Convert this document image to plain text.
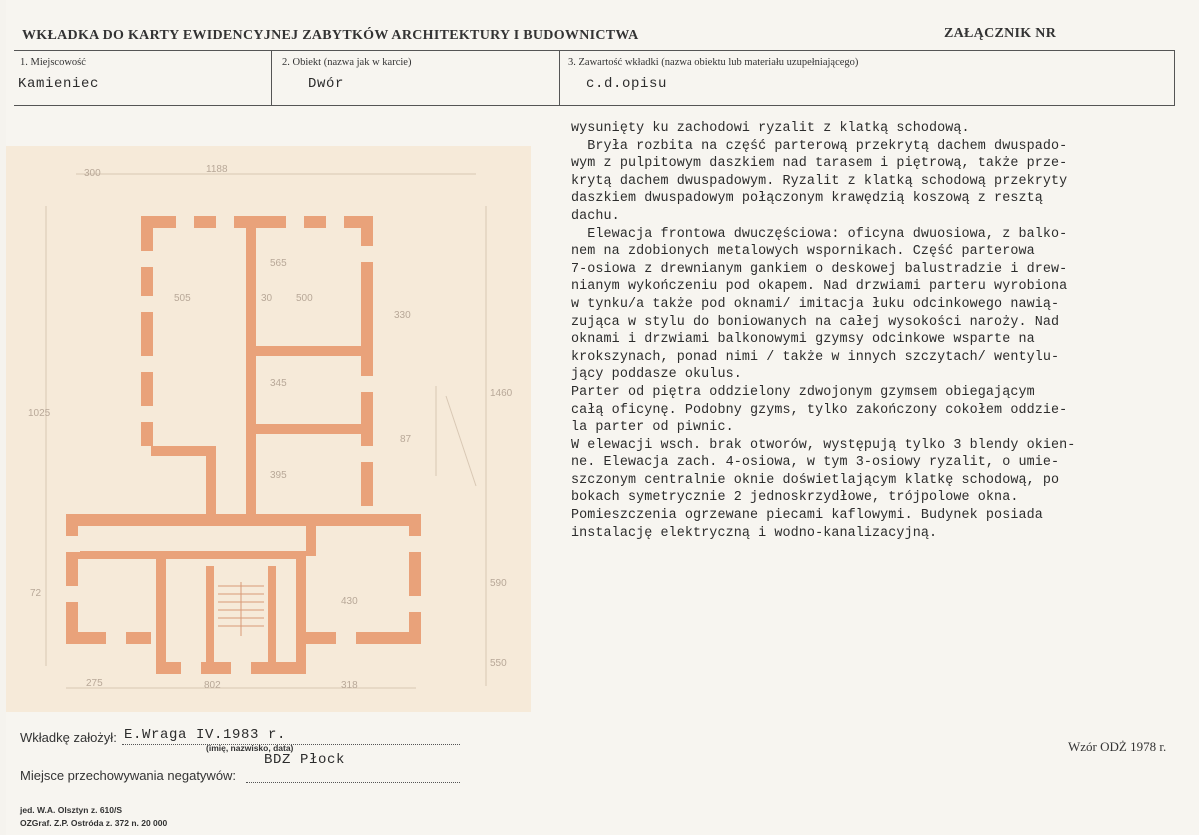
WKŁADKA DO KARTY EWIDENCYJNEJ ZABYTKÓW ARCHITEKTURY I BUDOWNICTWA	ZAŁĄCZNIK NR
1. Miejscowość
Kamieniec
2. Obiekt (nazwa jak w karcie)
Dwór
3. Zawartość wkładki (nazwa obiektu lub materiału uzupełniającego)
c.d.opisu
wysunięty ku zachodowi ryzalit z klatką schodową.
Bryła rozbita na część parterową przekrytą dachem dwuspado-
wym z pulpitowym daszkiem nad tarasem i piętrową, także prze-
krytą dachem dwuspadowym. Ryzalit z klatką schodową przekryty
daszkiem dwuspadowym połączonym krawędzią koszową z resztą
dachu.
Elewacja frontowa dwuczęściowa: oficyna dwuosiowa, z balko-
nem na zdobionych metalowych wspornikach. Część parterowa
7-osiowa z drewnianym gankiem o deskowej balustradzie i drew-
nianym wykończeniu pod okapem. Nad drzwiami parteru wyrobiona
w tynku/a także pod oknami/ imitacja łuku odcinkowego nawią-
zująca w stylu do boniowanych na całej wysokości naroży. Nad
oknami i drzwiami balkonowymi gzymsy odcinkowe wsparte na
krokszynach, ponad nimi / także w innych szczytach/ wentylu-
jący poddasze okulus.
Parter od piętra oddzielony zdwojonym gzymsem obiegającym
całą oficynę. Podobny gzyms, tylko zakończony cokołem oddzie-
la parter od piwnic.
W elewacji wsch. brak otworów, występują tylko 3 blendy okien-
ne. Elewacja zach. 4-osiowa, w tym 3-osiowy ryzalit, o umie-
szczonym centralnie oknie doświetlającym klatkę schodową, po
bokach symetrycznie 2 jednoskrzydłowe, trójpolowe okna.
Pomieszczenia ogrzewane piecami kaflowymi. Budynek posiada
instalację elektryczną i wodno-kanalizacyjną.
300	1188
505	30 500
565
330
345
1460
395
87
1025
590
430
275	802	318
550
72
Wkładkę założył: E.Wraga IV.1983 r.
(imię, nazwisko, data)
BDZ Płock
Miejsce przechowywania negatywów:
Wzór ODŻ 1978 r.
jed. W.A. Olsztyn z. 610/S
OZGraf. Z.P. Ostróda z. 372 n. 20 000
